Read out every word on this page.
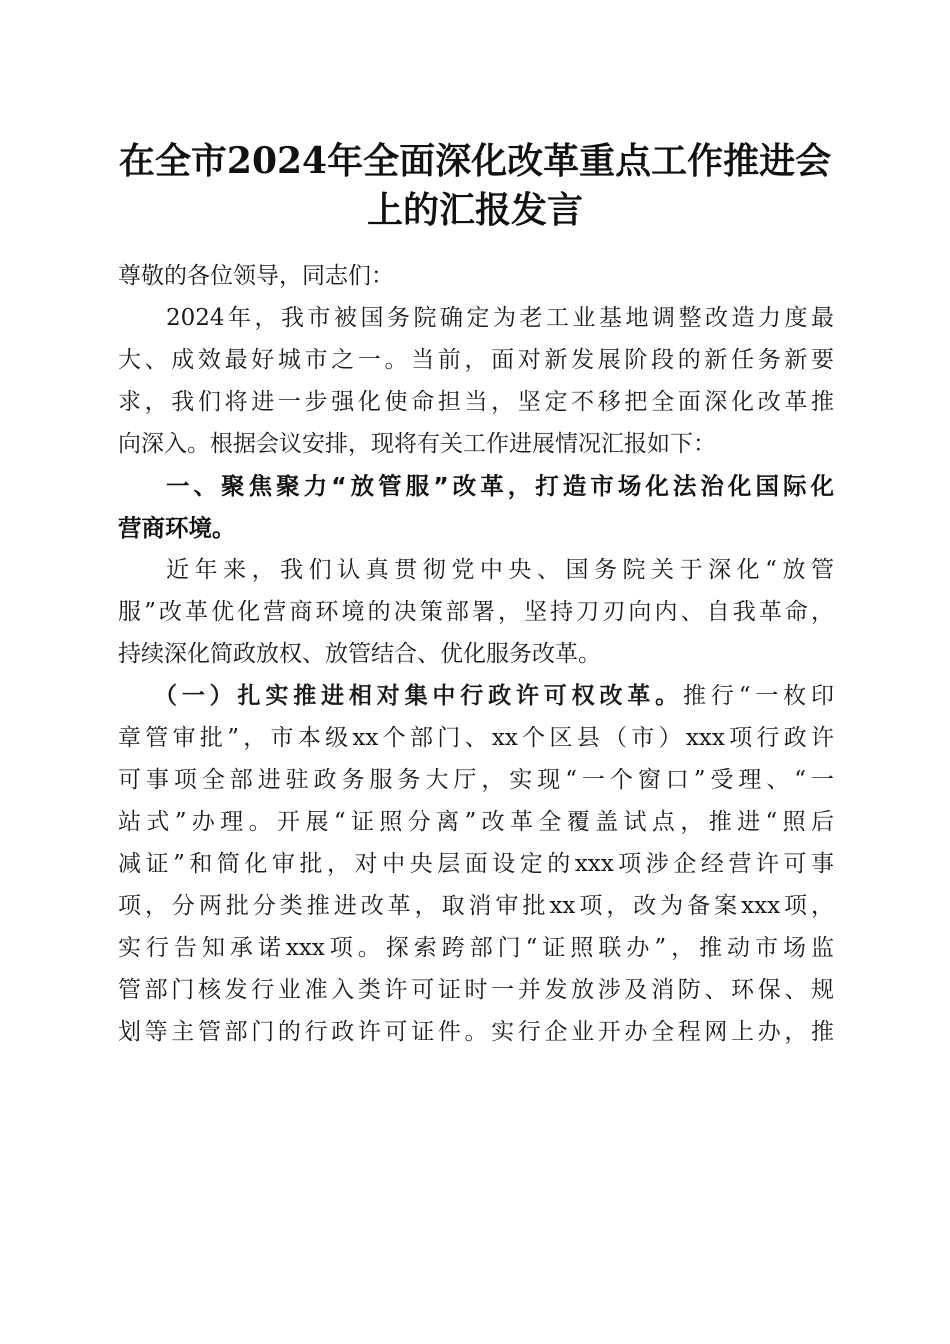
在全市2024年全面深化改革重点工作推进会
上的汇报发言
尊敬的各位领导，同志们：
2024年，我市被国务院确定为老工业基地调整改造力度最
大、成效最好城市之一。当前，面对新发展阶段的新任务新要
求，我们将进一步强化使命担当，坚定不移把全面深化改革推
向深入。根据会议安排，现将有关工作进展情况汇报如下：
一、聚焦聚力“放管服”改革，打造市场化法治化国际化
营商环境。
近年来，我们认真贯彻党中央、国务院关于深化“放管
服”改革优化营商环境的决策部署，坚持刀刃向内、自我革命，
持续深化简政放权、放管结合、优化服务改革。
（一）扎实推进相对集中行政许可权改革。推行“一枚印
章管审批”，市本级xx个部门、xx个区县（市）xxx项行政许
可事项全部进驻政务服务大厅，实现“一个窗口”受理、“一
站式”办理。开展“证照分离”改革全覆盖试点，推进“照后
减证”和简化审批，对中央层面设定的xxx项涉企经营许可事
项，分两批分类推进改革，取消审批xx项，改为备案xxx项，
实行告知承诺xxx项。探索跨部门“证照联办”，推动市场监
管部门核发行业准入类许可证时一并发放涉及消防、环保、规
划等主管部门的行政许可证件。实行企业开办全程网上办，推
